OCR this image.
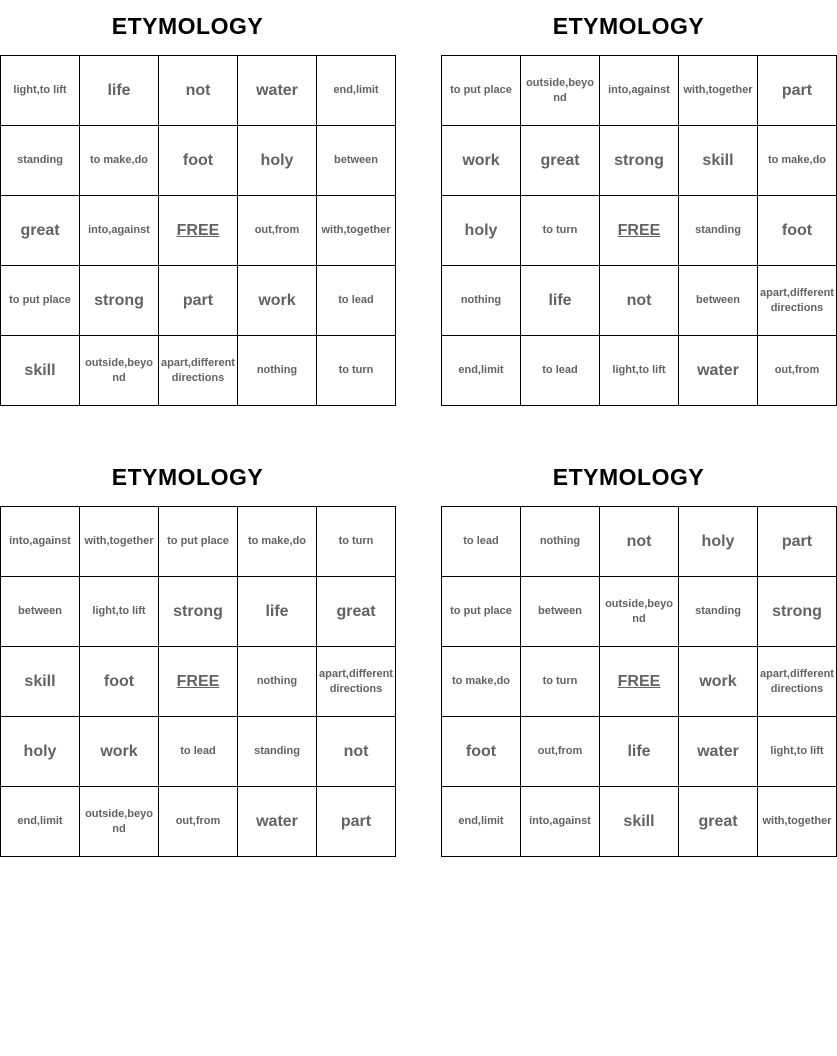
ETYMOLOGY
light,to lift	life	not	water	end,limit
standing	to make,do	foot	holy	between
great	into,against	FREE	out,from	with,together
to put place	strong	part	work	to lead
skill	outside,beyond	apart,different directions	nothing	to turn
ETYMOLOGY
to put place	outside,beyond	into,against	with,together	part
work	great	strong	skill	to make,do
holy	to turn	FREE	standing	foot
nothing	life	not	between	apart,different directions
end,limit	to lead	light,to lift	water	out,from
ETYMOLOGY
into,against	with,together	to put place	to make,do	to turn
between	light,to lift	strong	life	great
skill	foot	FREE	nothing	apart,different directions
holy	work	to lead	standing	not
end,limit	outside,beyond	out,from	water	part
ETYMOLOGY
to lead	nothing	not	holy	part
to put place	between	outside,beyond	standing	strong
to make,do	to turn	FREE	work	apart,different directions
foot	out,from	life	water	light,to lift
end,limit	into,against	skill	great	with,together
